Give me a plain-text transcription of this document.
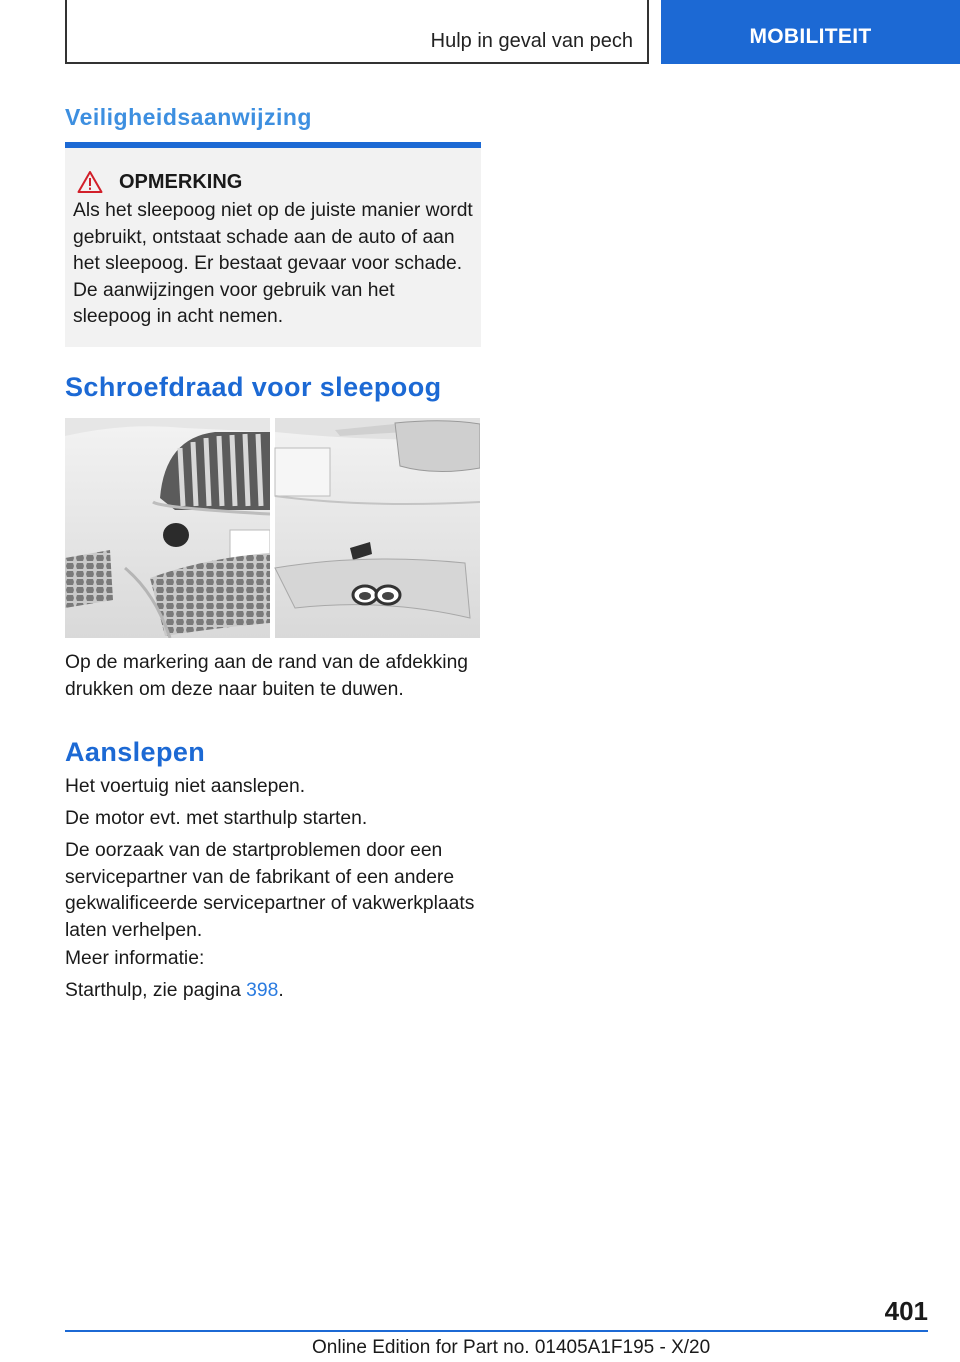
Hulp in geval van pech	MOBILITEIT
Veiligheidsaanwijzing
OPMERKING
Als het sleepoog niet op de juiste manier wordt gebruikt, ontstaat schade aan de auto of aan het sleepoog. Er bestaat gevaar voor schade. De aanwijzingen voor gebruik van het sleepoog in acht nemen.
Schroefdraad voor sleepoog

Op de markering aan de rand van de afdekking drukken om deze naar buiten te duwen.

Aanslepen

Het voertuig niet aanslepen.

De motor evt. met starthulp starten.

De oorzaak van de startproblemen door een servicepartner van de fabrikant of een andere gekwalificeerde servicepartner of vakwerkplaats laten verhelpen.

Meer informatie:

Starthulp, zie pagina 398.

401
Online Edition for Part no. 01405A1F195 - X/20
